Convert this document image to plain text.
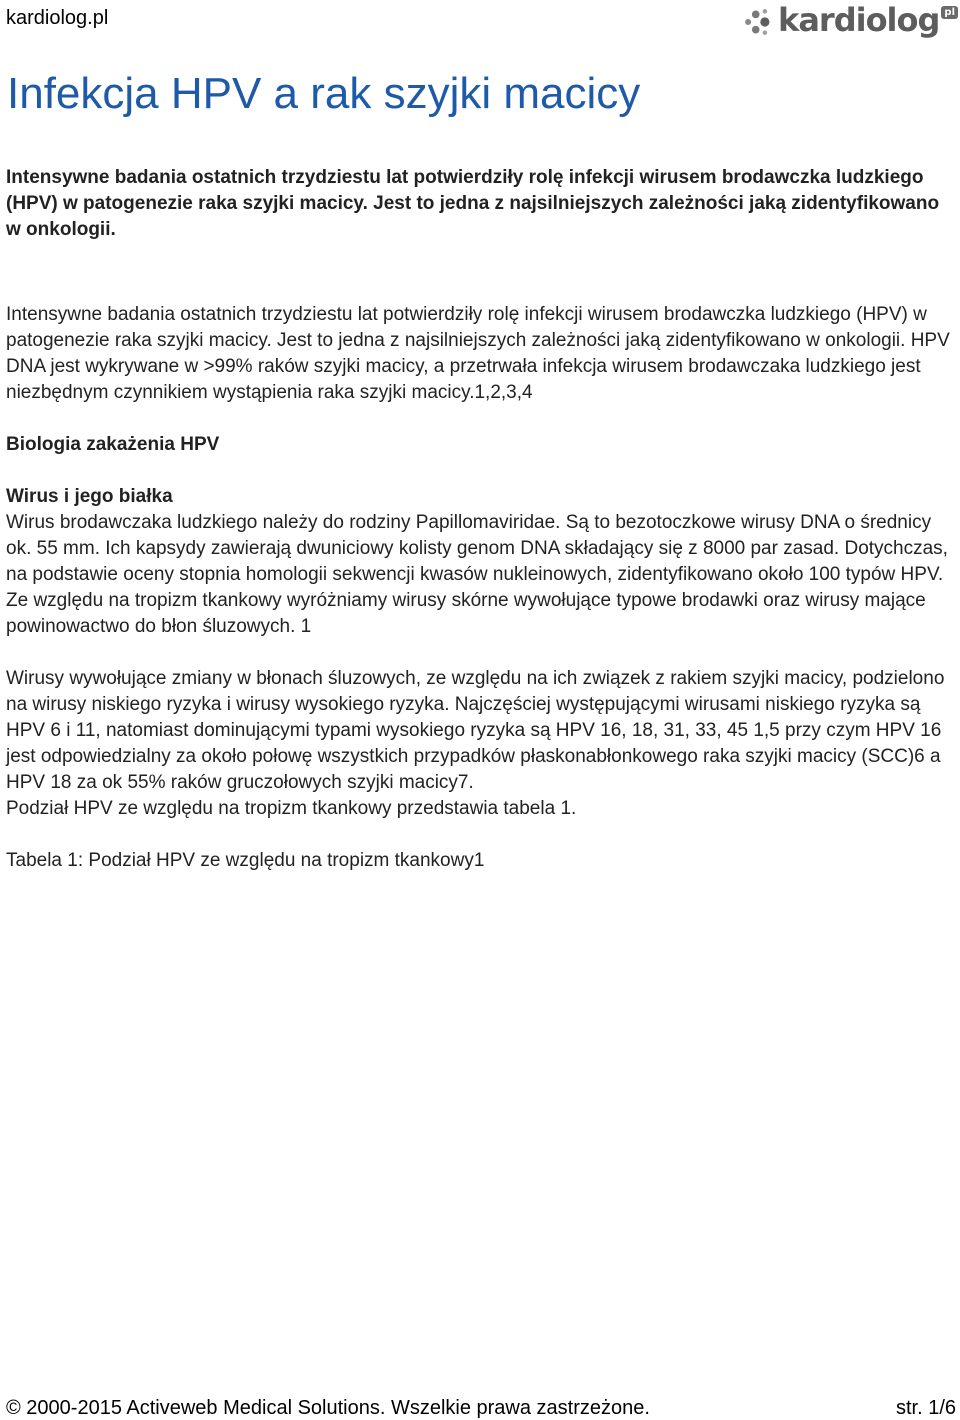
kardiolog.pl	kardiolog pl
Infekcja HPV a rak szyjki macicy

Intensywne badania ostatnich trzydziestu lat potwierdziły rolę infekcji wirusem brodawczka ludzkiego (HPV) w patogenezie raka szyjki macicy. Jest to jedna z najsilniejszych zależności jaką zidentyfikowano w onkologii.

Intensywne badania ostatnich trzydziestu lat potwierdziły rolę infekcji wirusem brodawczka ludzkiego (HPV) w patogenezie raka szyjki macicy. Jest to jedna z najsilniejszych zależności jaką zidentyfikowano w onkologii. HPV DNA jest wykrywane w >99% raków szyjki macicy, a przetrwała infekcja wirusem brodawczaka ludzkiego jest niezbędnym czynnikiem wystąpienia raka szyjki macicy.1,2,3,4

Biologia zakażenia HPV
Wirus i jego białka

Wirus brodawczaka ludzkiego należy do rodziny Papillomaviridae. Są to bezotoczkowe wirusy DNA o średnicy ok. 55 mm. Ich kapsydy zawierają dwuniciowy kolisty genom DNA składający się z 8000 par zasad. Dotychczas, na podstawie oceny stopnia homologii sekwencji kwasów nukleinowych, zidentyfikowano około 100 typów HPV.

Ze względu na tropizm tkankowy wyróżniamy wirusy skórne wywołujące typowe brodawki oraz wirusy mające powinowactwo do błon śluzowych. 1

Wirusy wywołujące zmiany w błonach śluzowych, ze względu na ich związek z rakiem szyjki macicy, podzielono na wirusy niskiego ryzyka i wirusy wysokiego ryzyka. Najczęściej występującymi wirusami niskiego ryzyka są HPV 6 i 11, natomiast dominującymi typami wysokiego ryzyka są HPV 16, 18, 31, 33, 45 1,5 przy czym HPV 16 jest odpowiedzialny za około połowę wszystkich przypadków płaskonabłonkowego raka szyjki macicy (SCC)6 a HPV 18 za ok 55% raków gruczołowych szyjki macicy7.

Podział HPV ze względu na tropizm tkankowy przedstawia tabela 1.

Tabela 1: Podział HPV ze względu na tropizm tkankowy1

© 2000-2015 Activeweb Medical Solutions. Wszelkie prawa zastrzeżone.	str. 1/6
